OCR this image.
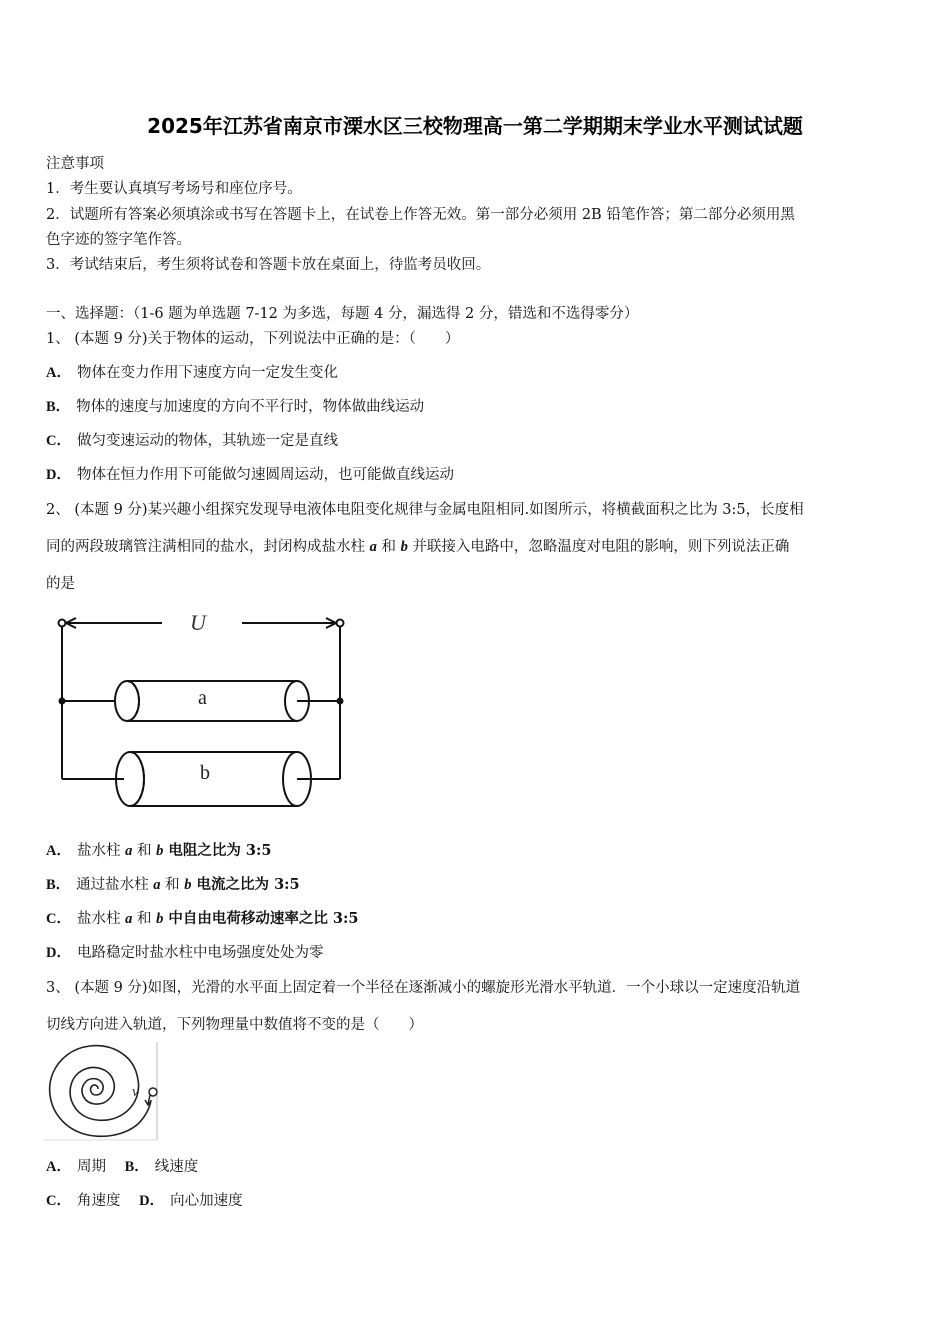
2025年江苏省南京市溧水区三校物理高一第二学期期末学业水平测试试题
注意事项
1．考生要认真填写考场号和座位序号。
2．试题所有答案必须填涂或书写在答题卡上，在试卷上作答无效。第一部分必须用 2B 铅笔作答；第二部分必须用黑
色字迹的签字笔作答。
3．考试结束后，考生须将试卷和答题卡放在桌面上，待监考员收回。
一、选择题：（1-6 题为单选题 7-12 为多选，每题 4 分，漏选得 2 分，错选和不选得零分）
1、 (本题 9 分)关于物体的运动，下列说法中正确的是：（　　）
A． 物体在变力作用下速度方向一定发生变化
B． 物体的速度与加速度的方向不平行时，物体做曲线运动
C． 做匀变速运动的物体，其轨迹一定是直线
D． 物体在恒力作用下可能做匀速圆周运动，也可能做直线运动
2、 (本题 9 分)某兴趣小组探究发现导电液体电阻变化规律与金属电阻相同.如图所示，将横截面积之比为 3:5，长度相
同的两段玻璃管注满相同的盐水，封闭构成盐水柱 a 和 b 并联接入电路中，忽略温度对电阻的影响，则下列说法正确
的是
U
a
b
A． 盐水柱 a 和 b 电阻之比为 3:5
B． 通过盐水柱 a 和 b 电流之比为 3:5
C． 盐水柱 a 和 b 中自由电荷移动速率之比 3:5
D． 电路稳定时盐水柱中电场强度处处为零
3、 (本题 9 分)如图，光滑的水平面上固定着一个半径在逐渐减小的螺旋形光滑水平轨道．一个小球以一定速度沿轨道
切线方向进入轨道，下列物理量中数值将不变的是（　　）
v
A． 周期 B． 线速度
C． 角速度 D． 向心加速度
